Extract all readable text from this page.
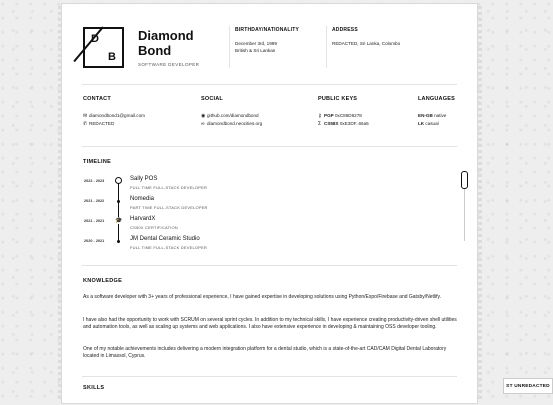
D
B
Diamond
Bond
SOFTWARE DEVELOPER
BIRTHDAY/NATIONALITY
December 3rd, 1999
British & Sri Lankan
ADDRESS
REDACTED, Sri Lanka, Colombo
CONTACT
✉ diamondbond1@gmail.com
✆ REDACTED
SOCIAL
◉ github.com/diamondbond
∞ diamondbond.neocities.org
PUBLIC KEYS
⚷ PGP 0xC86D8278
Σ CS58X 0xE3DF..66a5
LANGUAGES
EN-GB native
LK casual
TIMELINE
2022 - 2023	Sally POS
FULL TIME FULL-STACK DEVELOPER
2021 - 2022	Nomedia
PART TIME FULL-STACK DEVELOPER
2021 - 2021 🎓 HarvardX
CS50X CERTIFICATION
2020 - 2021	JM Dental Ceramic Studio
FULL TIME FULL-STACK DEVELOPER
KNOWLEDGE
As a software developer with 3+ years of professional experience, I have gained expertise in developing solutions using Python/Expo/Firebase and Gatsby/Netlify.
I have also had the opportunity to work with SCRUM on several sprint cycles. In addition to my technical skills, I have experience creating productivity-driven shell utilities and automation tools, as well as scaling up systems and web applications. I also have extensive experience in developing & maintaining OSS developer tooling.
One of my notable achievements includes delivering a modern integration platform for a dental studio, which is a state-of-the-art CAD/CAM Digital Dental Laboratory located in Limassol, Cyprus.
SKILLS	ST UNREDACTED
